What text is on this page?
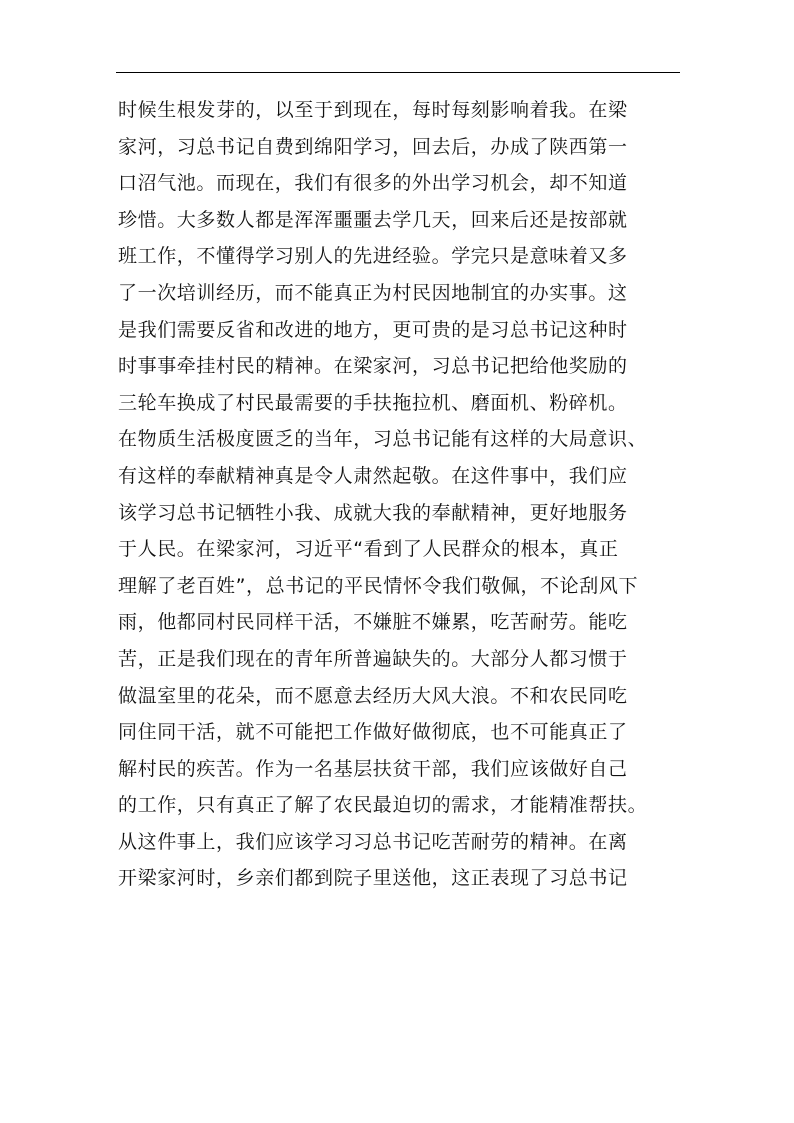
时候生根发芽的，以至于到现在，每时每刻影响着我。在梁
家河，习总书记自费到绵阳学习，回去后，办成了陕西第一
口沼气池。而现在，我们有很多的外出学习机会，却不知道
珍惜。大多数人都是浑浑噩噩去学几天，回来后还是按部就
班工作，不懂得学习别人的先进经验。学完只是意味着又多
了一次培训经历，而不能真正为村民因地制宜的办实事。这
是我们需要反省和改进的地方，更可贵的是习总书记这种时
时事事牵挂村民的精神。在梁家河，习总书记把给他奖励的
三轮车换成了村民最需要的手扶拖拉机、磨面机、粉碎机。
在物质生活极度匮乏的当年，习总书记能有这样的大局意识、
有这样的奉献精神真是令人肃然起敬。在这件事中，我们应
该学习总书记牺牲小我、成就大我的奉献精神，更好地服务
于人民。在梁家河，习近平“看到了人民群众的根本，真正
理解了老百姓”，总书记的平民情怀令我们敬佩，不论刮风下
雨，他都同村民同样干活，不嫌脏不嫌累，吃苦耐劳。能吃
苦，正是我们现在的青年所普遍缺失的。大部分人都习惯于
做温室里的花朵，而不愿意去经历大风大浪。不和农民同吃
同住同干活，就不可能把工作做好做彻底，也不可能真正了
解村民的疾苦。作为一名基层扶贫干部，我们应该做好自己
的工作，只有真正了解了农民最迫切的需求，才能精准帮扶。
从这件事上，我们应该学习习总书记吃苦耐劳的精神。在离
开梁家河时，乡亲们都到院子里送他，这正表现了习总书记
